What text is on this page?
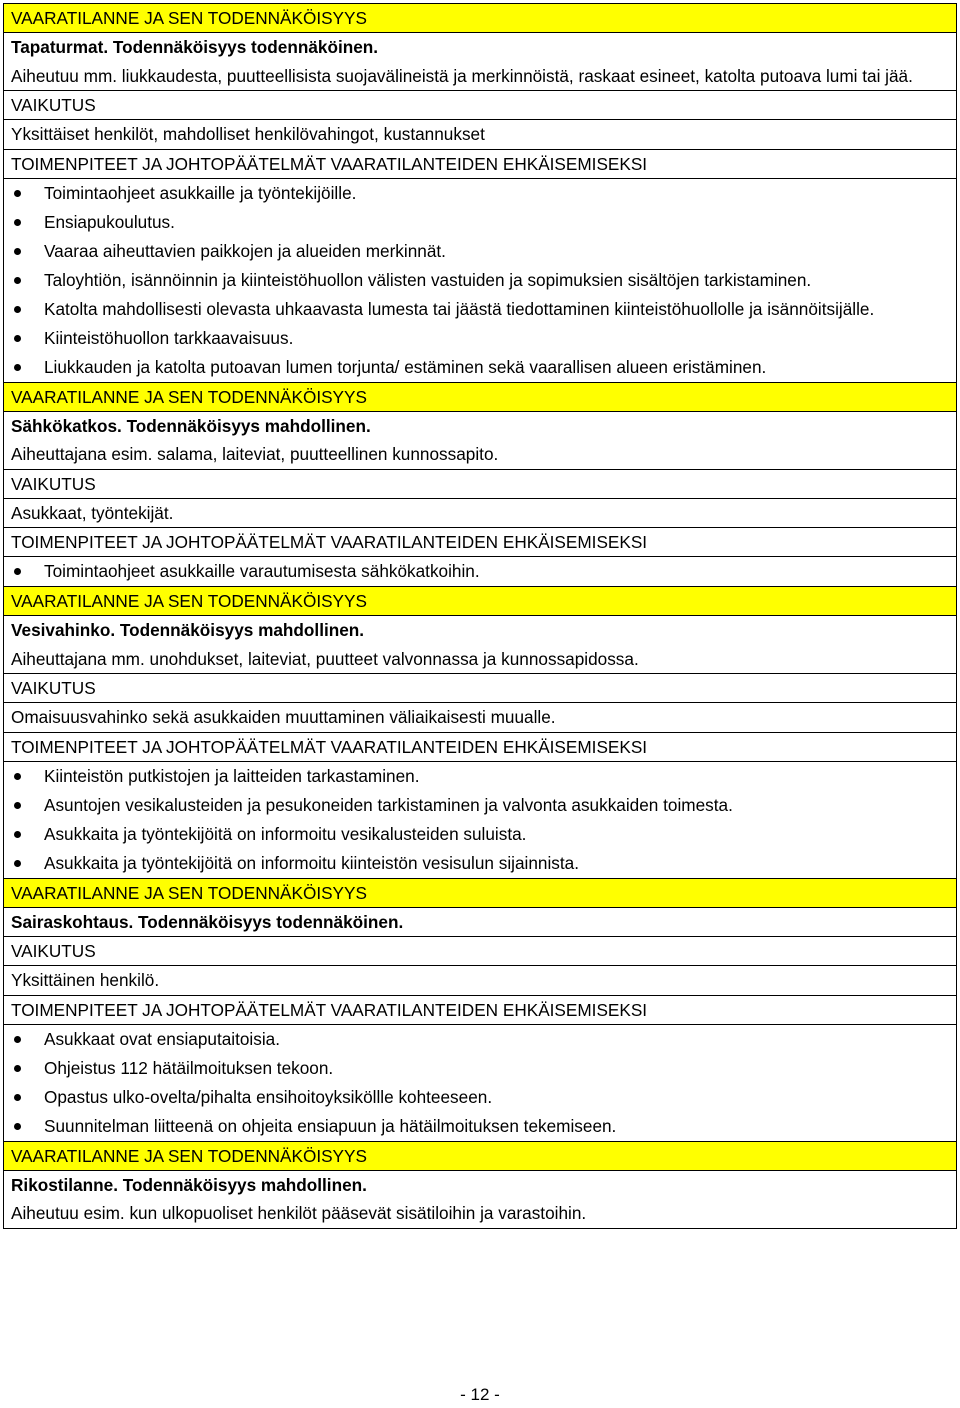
VAARATILANNE JA SEN TODENNÄKÖISYYS
Tapaturmat. Todennäköisyys todennäköinen.
Aiheutuu mm. liukkaudesta, puutteellisista suojavälineistä ja merkinnöistä, raskaat esineet, katolta putoava lumi tai jää.
VAIKUTUS
Yksittäiset henkilöt, mahdolliset henkilövahingot, kustannukset
TOIMENPITEET JA JOHTOPÄÄTELMÄT VAARATILANTEIDEN EHKÄISEMISEKSI
Toimintaohjeet asukkaille ja työntekijöille.
Ensiapukoulutus.
Vaaraa aiheuttavien paikkojen ja alueiden merkinnät.
Taloyhtiön, isännöinnin ja kiinteistöhuollon välisten vastuiden ja sopimuksien sisältöjen tarkistaminen.
Katolta mahdollisesti olevasta uhkaavasta lumesta tai jäästä tiedottaminen kiinteistöhuollolle ja isännöitsijälle.
Kiinteistöhuollon tarkkaavaisuus.
Liukkauden ja katolta putoavan lumen torjunta/ estäminen sekä vaarallisen alueen eristäminen.
VAARATILANNE JA SEN TODENNÄKÖISYYS
Sähkökatkos. Todennäköisyys mahdollinen.
Aiheuttajana esim. salama, laiteviat, puutteellinen kunnossapito.
VAIKUTUS
Asukkaat, työntekijät.
TOIMENPITEET JA JOHTOPÄÄTELMÄT VAARATILANTEIDEN EHKÄISEMISEKSI
Toimintaohjeet asukkaille varautumisesta sähkökatkoihin.
VAARATILANNE JA SEN TODENNÄKÖISYYS
Vesivahinko. Todennäköisyys mahdollinen.
Aiheuttajana mm. unohdukset, laiteviat, puutteet valvonnassa ja kunnossapidossa.
VAIKUTUS
Omaisuusvahinko sekä asukkaiden muuttaminen väliaikaisesti muualle.
TOIMENPITEET JA JOHTOPÄÄTELMÄT VAARATILANTEIDEN EHKÄISEMISEKSI
Kiinteistön putkistojen ja laitteiden tarkastaminen.
Asuntojen vesikalusteiden ja pesukoneiden tarkistaminen ja valvonta asukkaiden toimesta.
Asukkaita ja työntekijöitä on informoitu vesikalusteiden suluista.
Asukkaita ja työntekijöitä on informoitu kiinteistön vesisulun sijainnista.
VAARATILANNE JA SEN TODENNÄKÖISYYS
Sairaskohtaus. Todennäköisyys todennäköinen.
VAIKUTUS
Yksittäinen henkilö.
TOIMENPITEET JA JOHTOPÄÄTELMÄT VAARATILANTEIDEN EHKÄISEMISEKSI
Asukkaat ovat ensiaputaitoisia.
Ohjeistus 112 hätäilmoituksen tekoon.
Opastus ulko-ovelta/pihalta ensihoitoyksiköllle kohteeseen.
Suunnitelman liitteenä on ohjeita ensiapuun ja hätäilmoituksen tekemiseen.
VAARATILANNE JA SEN TODENNÄKÖISYYS
Rikostilanne. Todennäköisyys mahdollinen.
Aiheutuu esim. kun ulkopuoliset henkilöt pääsevät sisätiloihin ja varastoihin.
- 12 -
